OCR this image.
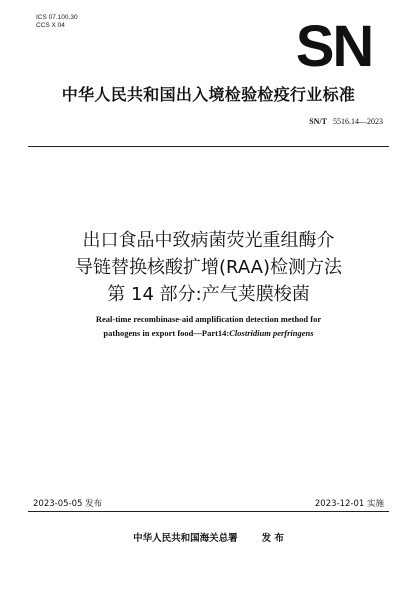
ICS 07.100.30
CCS X 04	SN
中华人民共和国出入境检验检疫行业标准
SN/T 5516.14—2023
出口食品中致病菌荧光重组酶介
导链替换核酸扩增(RAA)检测方法
第 14 部分:产气荚膜梭菌
Real-time recombinase-aid amplification detection method for
pathogens in export food—Part14:Clostridium perfringens
2023-05-05 发布	2023-12-01 实施
中华人民共和国海关总署	发 布
